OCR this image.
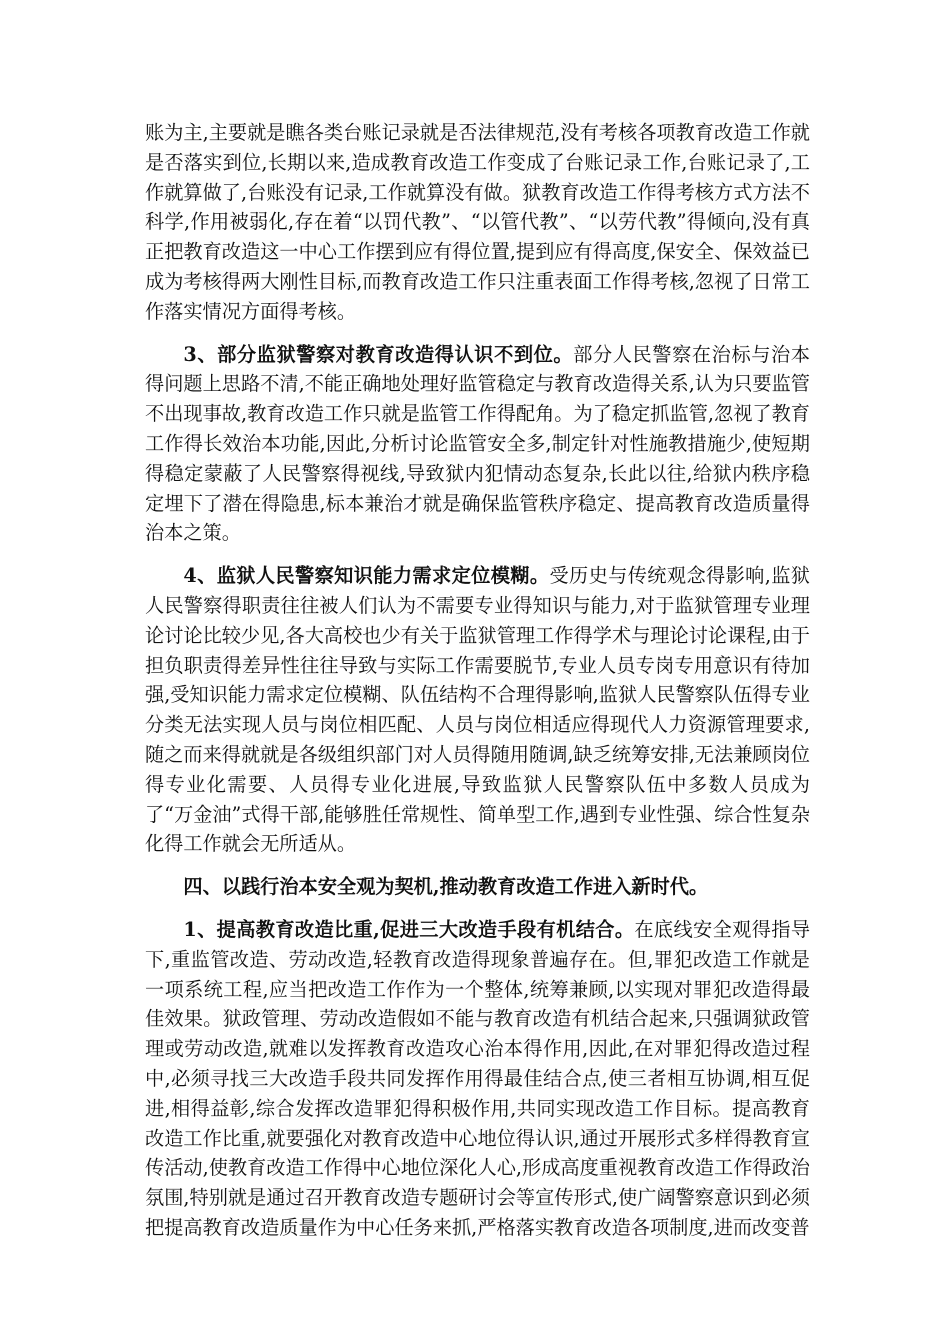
账为主,主要就是瞧各类台账记录就是否法律规范,没有考核各项教育改造工作就是否落实到位,长期以来,造成教育改造工作变成了台账记录工作,台账记录了,工作就算做了,台账没有记录,工作就算没有做。狱教育改造工作得考核方式方法不科学,作用被弱化,存在着“以罚代教”、“以管代教”、“以劳代教”得倾向,没有真正把教育改造这一中心工作摆到应有得位置,提到应有得高度,保安全、保效益已成为考核得两大刚性目标,而教育改造工作只注重表面工作得考核,忽视了日常工作落实情况方面得考核。

3、部分监狱警察对教育改造得认识不到位。部分人民警察在治标与治本得问题上思路不清,不能正确地处理好监管稳定与教育改造得关系,认为只要监管不出现事故,教育改造工作只就是监管工作得配角。为了稳定抓监管,忽视了教育工作得长效治本功能,因此,分析讨论监管安全多,制定针对性施教措施少,使短期得稳定蒙蔽了人民警察得视线,导致狱内犯情动态复杂,长此以往,给狱内秩序稳定埋下了潜在得隐患,标本兼治才就是确保监管秩序稳定、提高教育改造质量得治本之策。

4、监狱人民警察知识能力需求定位模糊。受历史与传统观念得影响,监狱人民警察得职责往往被人们认为不需要专业得知识与能力,对于监狱管理专业理论讨论比较少见,各大高校也少有关于监狱管理工作得学术与理论讨论课程,由于担负职责得差异性往往导致与实际工作需要脱节,专业人员专岗专用意识有待加强,受知识能力需求定位模糊、队伍结构不合理得影响,监狱人民警察队伍得专业分类无法实现人员与岗位相匹配、人员与岗位相适应得现代人力资源管理要求,随之而来得就就是各级组织部门对人员得随用随调,缺乏统筹安排,无法兼顾岗位得专业化需要、人员得专业化进展,导致监狱人民警察队伍中多数人员成为了“万金油”式得干部,能够胜任常规性、简单型工作,遇到专业性强、综合性复杂化得工作就会无所适从。

四、以践行治本安全观为契机,推动教育改造工作进入新时代。

1、提高教育改造比重,促进三大改造手段有机结合。在底线安全观得指导下,重监管改造、劳动改造,轻教育改造得现象普遍存在。但,罪犯改造工作就是一项系统工程,应当把改造工作作为一个整体,统筹兼顾,以实现对罪犯改造得最佳效果。狱政管理、劳动改造假如不能与教育改造有机结合起来,只强调狱政管理或劳动改造,就难以发挥教育改造攻心治本得作用,因此,在对罪犯得改造过程中,必须寻找三大改造手段共同发挥作用得最佳结合点,使三者相互协调,相互促进,相得益彰,综合发挥改造罪犯得积极作用,共同实现改造工作目标。提高教育改造工作比重,就要强化对教育改造中心地位得认识,通过开展形式多样得教育宣传活动,使教育改造工作得中心地位深化人心,形成高度重视教育改造工作得政治氛围,特别就是通过召开教育改造专题研讨会等宣传形式,使广阔警察意识到必须把提高教育改造质量作为中心任务来抓,严格落实教育改造各项制度,进而改变普
